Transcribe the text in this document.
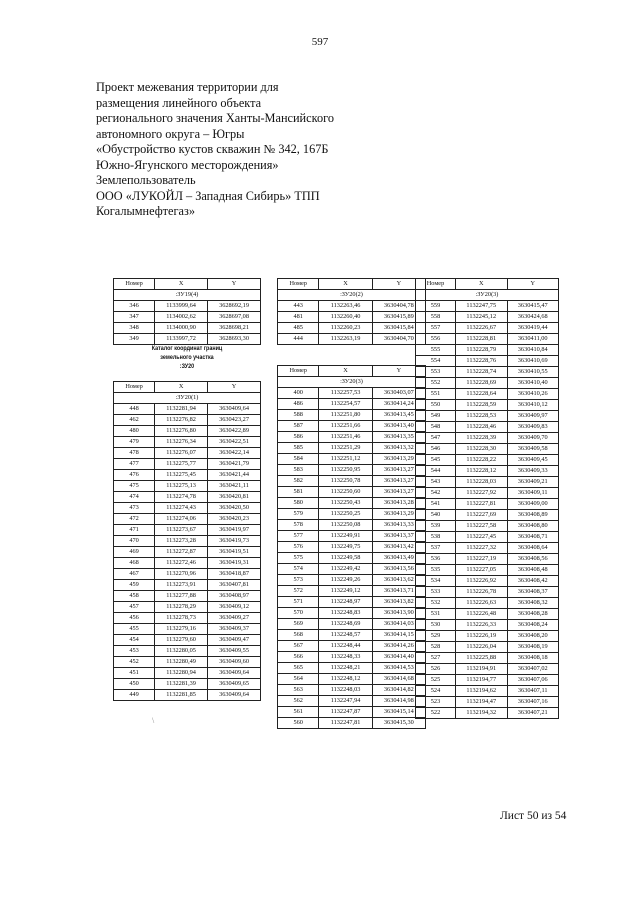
597
Проект межевания территории для
размещения линейного объекта
регионального значения Ханты-Мансийского
автономного округа – Югры
«Обустройство кустов скважин № 342, 167Б
Южно-Ягунского месторождения»
Землепользователь
ООО «ЛУКОЙЛ – Западная Сибирь» ТПП
Когалымнефтегаз»
Номер	X	Y
:ЗУ19(4)		
346	1133999,64	3628692,19
347	1134002,62	3628697,08
348	1134000,90	3628698,21
349	1133997,72	3628693,30
Каталог координат границ
земельного участка
:ЗУ20
Номер	X	Y
:ЗУ20(1)		
448	1132281,94	3630409,64
462	1132276,82	3630423,27
480	1132276,80	3630422,89
479	1132276,34	3630422,51
478	1132276,07	3630422,14
477	1132275,77	3630421,79
476	1132275,45	3630421,44
475	1132275,13	3630421,11
474	1132274,78	3630420,81
473	1132274,43	3630420,50
472	1132274,06	3630420,23
471	1132273,67	3630419,97
470	1132273,28	3630419,73
469	1132272,87	3630419,51
468	1132272,46	3630419,31
467	1132270,96	3630418,87
459	1132273,91	3630407,81
458	1132277,88	3630408,97
457	1132278,29	3630409,12
456	1132278,73	3630409,27
455	1132279,16	3630409,37
454	1132279,60	3630409,47
453	1132280,05	3630409,55
452	1132280,49	3630409,60
451	1132280,94	3630409,64
450	1132281,39	3630409,65
449	1132281,85	3630409,64
Номер	X	Y
:ЗУ20(2)		
443	1132263,46	3630404,78
481	1132260,40	3630415,89
485	1132260,23	3630415,84
444	1132263,19	3630404,70
Номер	X	Y
:ЗУ20(3)		
400	1132257,53	3630403,07
486	1132254,57	3630414,24
588	1132251,80	3630413,45
587	1132251,66	3630413,40
586	1132251,46	3630413,35
585	1132251,29	3630413,32
584	1132251,12	3630413,29
583	1132250,95	3630413,27
582	1132250,78	3630413,27
581	1132250,60	3630413,27
580	1132250,43	3630413,28
579	1132250,25	3630413,29
578	1132250,08	3630413,33
577	1132249,91	3630413,37
576	1132249,75	3630413,42
575	1132249,58	3630413,49
574	1132249,42	3630413,56
573	1132249,26	3630413,62
572	1132249,12	3630413,71
571	1132248,97	3630413,82
570	1132248,83	3630413,90
569	1132248,69	3630414,03
568	1132248,57	3630414,15
567	1132248,44	3630414,26
566	1132248,33	3630414,40
565	1132248,21	3630414,53
564	1132248,12	3630414,68
563	1132248,03	3630414,82
562	1132247,94	3630414,98
561	1132247,87	3630415,14
560	1132247,81	3630415,30
Номер	X	Y
:ЗУ20(3)		
559	1132247,75	3630415,47
558	1132245,12	3630424,68
557	1132226,67	3630419,44
556	1132228,81	3630411,00
555	1132228,79	3630410,84
554	1132228,76	3630410,69
553	1132228,74	3630410,55
552	1132228,69	3630410,40
551	1132228,64	3630410,26
550	1132228,59	3630410,12
549	1132228,53	3630409,97
548	1132228,46	3630409,83
547	1132228,39	3630409,70
546	1132228,30	3630409,58
545	1132228,22	3630409,45
544	1132228,12	3630409,33
543	1132228,03	3630409,21
542	1132227,92	3630409,11
541	1132227,81	3630409,00
540	1132227,69	3630408,89
539	1132227,58	3630408,80
538	1132227,45	3630408,71
537	1132227,32	3630408,64
536	1132227,19	3630408,56
535	1132227,05	3630408,48
534	1132226,92	3630408,42
533	1132226,78	3630408,37
532	1132226,63	3630408,32
531	1132226,48	3630408,28
530	1132226,33	3630408,24
529	1132226,19	3630408,20
528	1132226,04	3630408,19
527	1132225,88	3630408,18
526	1132194,91	3630407,02
525	1132194,77	3630407,06
524	1132194,62	3630407,11
523	1132194,47	3630407,16
522	1132194,32	3630407,21
\
Лист 50 из 54
